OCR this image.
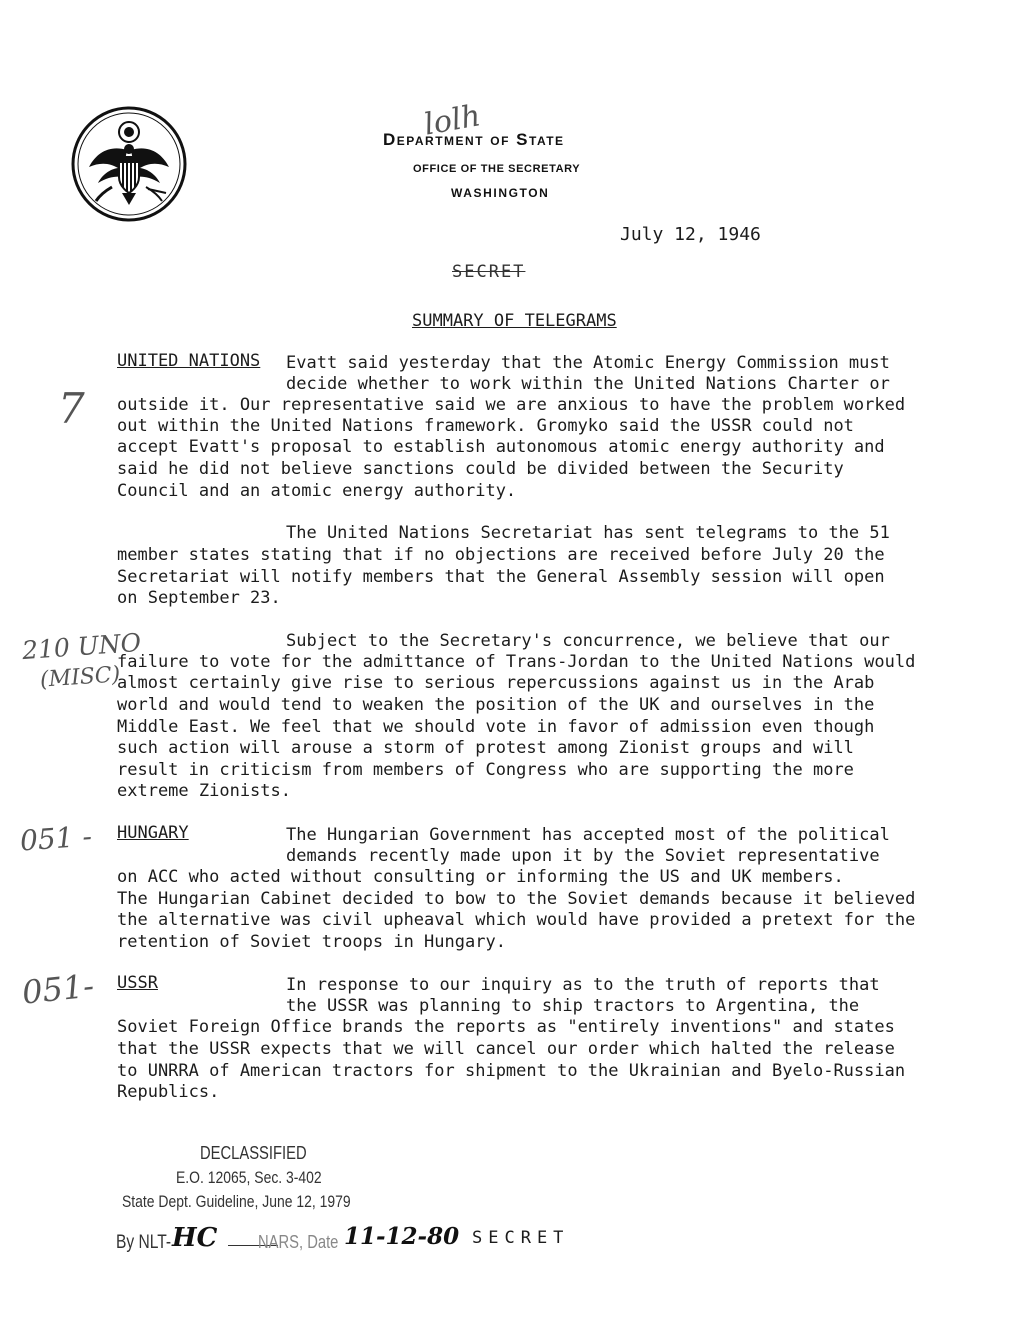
Department of State
OFFICE OF THE SECRETARY
WASHINGTON
lolh
July 12, 1946
SECRET
SUMMARY OF TELEGRAMS
UNITED NATIONS Evatt said yesterday that the Atomic Energy Commission must
decide whether to work within the United Nations Charter or
outside it. Our representative said we are anxious to have the problem worked
out within the United Nations framework. Gromyko said the USSR could not
accept Evatt's proposal to establish autonomous atomic energy authority and
said he did not believe sanctions could be divided between the Security
Council and an atomic energy authority.
7
The United Nations Secretariat has sent telegrams to the 51
member states stating that if no objections are received before July 20 the
Secretariat will notify members that the General Assembly session will open
on September 23.
Subject to the Secretary's concurrence, we believe that our
failure to vote for the admittance of Trans-Jordan to the United Nations would
almost certainly give rise to serious repercussions against us in the Arab
world and would tend to weaken the position of the UK and ourselves in the
Middle East. We feel that we should vote in favor of admission even though
such action will arouse a storm of protest among Zionist groups and will
result in criticism from members of Congress who are supporting the more
extreme Zionists.
210 UNO
(MISC)
HUNGARY	The Hungarian Government has accepted most of the political
demands recently made upon it by the Soviet representative
on ACC who acted without consulting or informing the US and UK members.
The Hungarian Cabinet decided to bow to the Soviet demands because it believed
the alternative was civil upheaval which would have provided a pretext for the
retention of Soviet troops in Hungary.
051 -
USSR	In response to our inquiry as to the truth of reports that
the USSR was planning to ship tractors to Argentina, the
Soviet Foreign Office brands the reports as "entirely inventions" and states
that the USSR expects that we will cancel our order which halted the release
to UNRRA of American tractors for shipment to the Ukrainian and Byelo-Russian
Republics.
051-
DECLASSIFIED
E.O. 12065, Sec. 3-402
State Dept. Guideline, June 12, 1979
By NLT- HC NARS, Date 11-12-80 SECRET
